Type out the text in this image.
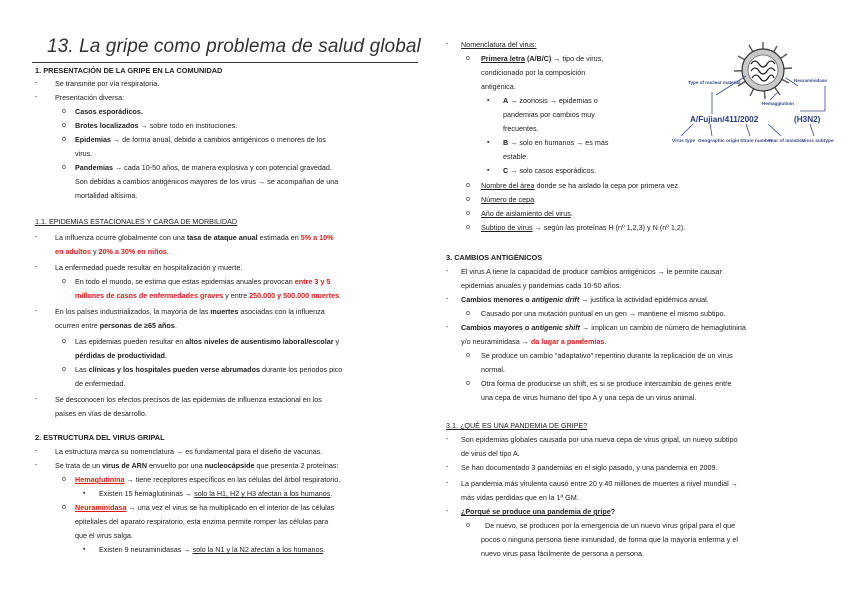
13. La gripe como problema de salud global
1. PRESENTACIÓN DE LA GRIPE EN LA COMUNIDAD
- Se transmite por vía respiratoria.
- Presentación diversa:
o Casos esporádicos.
o Brotes localizados → sobre todo en instituciones.
o Epidemias → de forma anual, debido a cambios antigénicos o menores de los
virus.
o Pandemias → cada 10-50 años, de manera explosiva y con potencial gravedad.
Son debidas a cambios antigénicos mayores de los virus → se acompañan de una
mortalidad altísima.
1.1. EPIDEMIAS ESTACIONALES Y CARGA DE MORBILIDAD
- La influenza ocurre globalmente con una tasa de ataque anual estimada en 5% a 10%
en adultos y 20% a 30% en niños.
- La enfermedad puede resultar en hospitalización y muerte.
o En todo el mundo, se estima que estas epidemias anuales provocan entre 3 y 5
millones de casos de enfermedades graves y entre 250.000 y 500.000 muertes.
- En los países industrializados, la mayoría de las muertes asociadas con la influenza
ocurren entre personas de ≥65 años.
o Las epidemias pueden resultar en altos niveles de ausentismo laboral/escolar y
pérdidas de productividad.
o Las clínicas y los hospitales pueden verse abrumados durante los periodos pico
de enfermedad.
- Se desconocen los efectos precisos de las epidemias de influenza estacional en los
países en vías de desarrollo.
2. ESTRUCTURA DEL VIRUS GRIPAL
- La estructura marca su nomenclatura → es fundamental para el diseño de vacunas.
- Se trata de un virus de ARN envuelto por una nucleocápside que presenta 2 proteínas:
o Hemaglutinina → tiene receptores específicos en las células del árbol respiratorio.
▪ Existen 15 hemaglutininas → solo la H1, H2 y H3 afectan a los humanos.
o Neuraminidasa → una vez el virus se ha multiplicado en el interior de las células
epiteliales del aparato respiratorio, esta enzima permite romper las células para
que el virus salga.
▪ Existen 9 neuraminidasas → solo la N1 y la N2 afectan a los humanos.
- Nomenclatura del virus:
o Primera letra (A/B/C) → tipo de virus,
condicionado por la composición
antigénica.
▪ A → zoonosis → epidemias o
pandemias por cambios muy
frecuentes.
▪ B → solo en humanos → es más
estable.
▪ C → solo casos esporádicos.
o Nombre del área donde se ha aislado la cepa por primera vez.
o Número de cepa.
o Año de aislamiento del virus.
o Subtipo de virus → según las proteínas H (nº 1,2,3) y N (nº 1,2).
Type of nuclear material
Hemagglutinin
Neuraminidase
A/Fujian/411/2002	(H3N2)
Virus type Geographic origin Strain number
Year of isolation
Virus subtype
3. CAMBIOS ANTIGÉNICOS
- El virus A tiene la capacidad de producir cambios antigénicos → le permite causar
epidemias anuales y pandemias cada 10-50 años.
- Cambios menores o antigenic drift → justifica la actividad epidémica anual.
o Causado por una mutación puntual en un gen → mantiene el mismo subtipo.
- Cambios mayores o antigenic shift → implican un cambio de número de hemaglutinina
y/o neuraminidasa → da lugar a pandemias.
o Se produce un cambio "adaptativo" repentino durante la replicación de un virus
normal.
o Otra forma de producirse un shift, es si se produce intercambio de genes entre
una cepa de virus humano del tipo A y una cepa de un virus animal.
3.1. ¿QUÉ ES UNA PANDEMIA DE GRIPE?
- Son epidemias globales causada por una nueva cepa de virus gripal, un nuevo subtipo
de virus del tipo A.
- Se han documentado 3 pandemias en el siglo pasado, y una pandemia en 2009.
- La pandemia más virulenta causó entre 20 y 40 millones de muertes a nivel mundial →
más vidas perdidas que en la 1ª GM.
- ¿Porqué se produce una pandemia de gripe?
o De nuevo, se producen por la emergencia de un nuevo virus gripal para el que
pocos o ninguna persona tiene inmunidad, de forma que la mayoría enferma y el
nuevo virus pasa fácilmente de persona a persona.
